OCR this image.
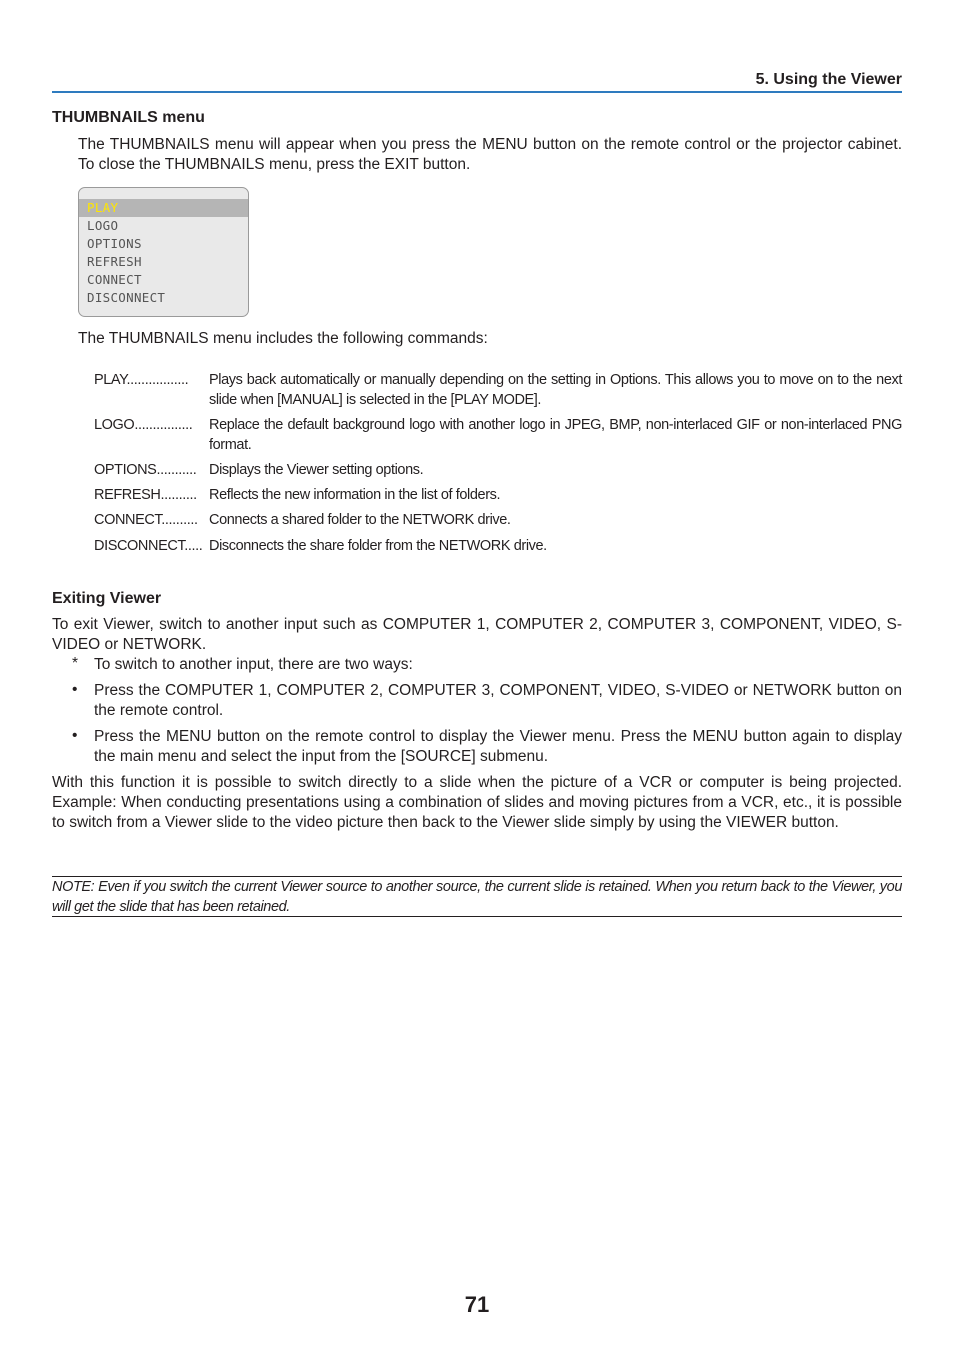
5. Using the Viewer
THUMBNAILS menu
The THUMBNAILS menu will appear when you press the MENU button on the remote control or the projector cabinet. To close the THUMBNAILS menu, press the EXIT button.
PLAY
LOGO
OPTIONS
REFRESH
CONNECT
DISCONNECT
The THUMBNAILS menu includes the following commands:
PLAY.................	Plays back automatically or manually depending on the setting in Options. This allows you to move on to the next slide when [MANUAL] is selected in the [PLAY MODE].
LOGO................	Replace the default background logo with another logo in JPEG, BMP, non-interlaced GIF or non-interlaced PNG format.
OPTIONS........... Displays the Viewer setting options.
REFRESH.......... Reflects the new information in the list of folders.
CONNECT.......... Connects a shared folder to the NETWORK drive.
DISCONNECT..... Disconnects the share folder from the NETWORK drive.
Exiting Viewer
To exit Viewer, switch to another input such as COMPUTER 1, COMPUTER 2, COMPUTER 3, COMPONENT, VIDEO, S-VIDEO or NETWORK.
* To switch to another input, there are two ways:
• Press the COMPUTER 1, COMPUTER 2, COMPUTER 3, COMPONENT, VIDEO, S-VIDEO or NETWORK button on the remote control.
• Press the MENU button on the remote control to display the Viewer menu. Press the MENU button again to display the main menu and select the input from the [SOURCE] submenu.
With this function it is possible to switch directly to a slide when the picture of a VCR or computer is being projected. Example: When conducting presentations using a combination of slides and moving pictures from a VCR, etc., it is possible to switch from a Viewer slide to the video picture then back to the Viewer slide simply by using the VIEWER button.
NOTE: Even if you switch the current Viewer source to another source, the current slide is retained. When you return back to the Viewer, you will get the slide that has been retained.
71
